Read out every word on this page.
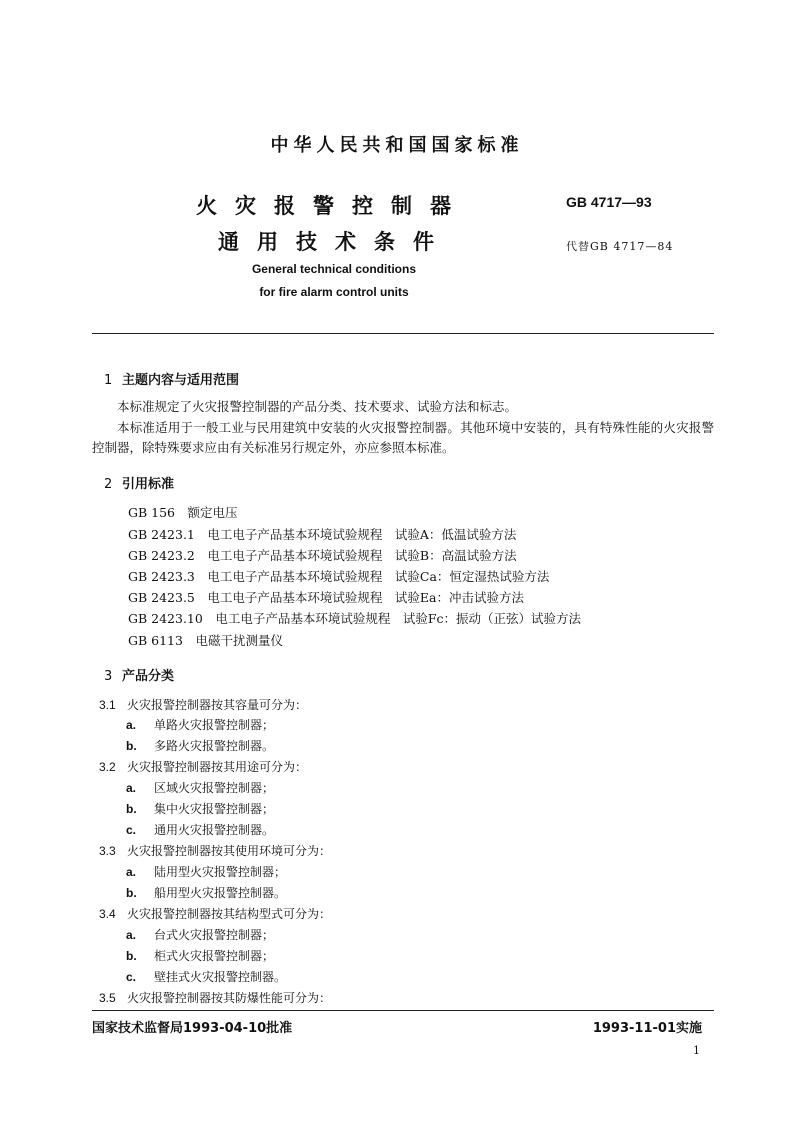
中华人民共和国国家标准
火灾报警控制器
通用技术条件
GB 4717—93
代替GB 4717—84
General technical conditions
for fire alarm control units
1 主题内容与适用范围
本标准规定了火灾报警控制器的产品分类、技术要求、试验方法和标志。
本标准适用于一般工业与民用建筑中安装的火灾报警控制器。其他环境中安装的，具有特殊性能的火灾报警控制器，除特殊要求应由有关标准另行规定外，亦应参照本标准。
2 引用标准
GB 156　额定电压
GB 2423.1　电工电子产品基本环境试验规程　试验A：低温试验方法
GB 2423.2　电工电子产品基本环境试验规程　试验B：高温试验方法
GB 2423.3　电工电子产品基本环境试验规程　试验Ca：恒定湿热试验方法
GB 2423.5　电工电子产品基本环境试验规程　试验Ea：冲击试验方法
GB 2423.10　电工电子产品基本环境试验规程　试验Fc：振动（正弦）试验方法
GB 6113　电磁干扰测量仪
3 产品分类
3.1 火灾报警控制器按其容量可分为：
a. 单路火灾报警控制器；
b. 多路火灾报警控制器。
3.2 火灾报警控制器按其用途可分为：
a. 区域火灾报警控制器；
b. 集中火灾报警控制器；
c. 通用火灾报警控制器。
3.3 火灾报警控制器按其使用环境可分为：
a. 陆用型火灾报警控制器；
b. 船用型火灾报警控制器。
3.4 火灾报警控制器按其结构型式可分为：
a. 台式火灾报警控制器；
b. 柜式火灾报警控制器；
c. 壁挂式火灾报警控制器。
3.5 火灾报警控制器按其防爆性能可分为：
国家技术监督局1993-04-10批准	1993-11-01实施
1
